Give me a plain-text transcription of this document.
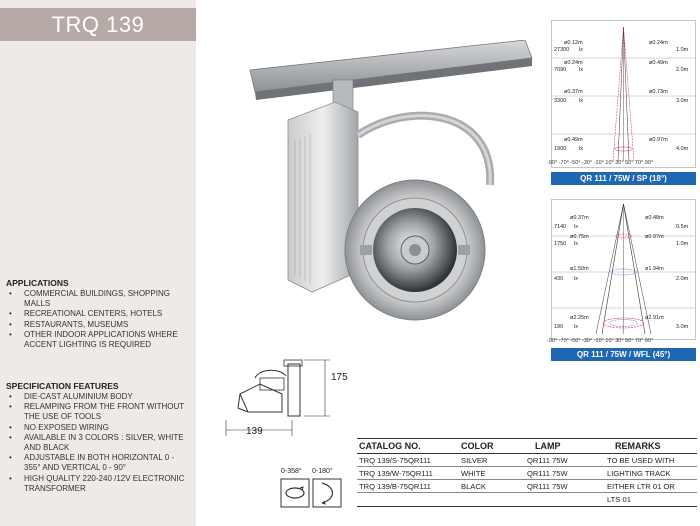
TRQ 139
APPLICATIONS
• COMMERCIAL BUILDINGS, SHOPPING MALLS
• RECREATIONAL CENTERS, HOTELS
• RESTAURANTS, MUSEUMS
• OTHER INDOOR APPLICATIONS WHERE ACCENT LIGHTING IS REQUIRED
SPECIFICATION FEATURES
• DIE-CAST ALUMINIUM BODY
• RELAMPING FROM THE FRONT WITHOUT THE USE OF TOOLS
• NO EXPOSED WIRING
• AVAILABLE IN 3 COLORS : SILVER, WHITE AND BLACK
• ADJUSTABLE IN BOTH HORIZONTAL 0 - 355° AND VERTICAL 0 - 90°
• HIGH QUALITY 220-240 /12V ELECTRONIC TRANSFORMER
ø0.12m	ø0.24m
27300 lx	1.0m
ø0.24m	ø0.49m
7090 lx	2.0m
ø0.37m	ø0.73m
3300 lx	3.0m
ø0.49m	ø0.97m
1900 lx	4.0m
-90° -70° -50° -30° -10° 10° 30° 50° 70° 90°
QR 111 / 75W / SP (18°)
ø0.37m	ø0.48m
7140 lx	0.5m
ø0.75m	ø0.97m
1750 lx	1.0m
ø1.50m	ø1.94m
430 lx	2.0m
ø2.25m	ø2.91m
190 lx	3.0m
-90° -70° -50° -30° -10° 10° 30° 50° 70° 90°
QR 111 / 75W / WFL (45°)
175
139
0-358° 0-180°
CATALOG NO.	COLOR	LAMP	REMARKS
TRQ 139/S-75QR111	SILVER	QR111 75W	TO BE USED WITH
TRQ 139/W-75QR111	WHITE	QR111 75W	LIGHTING TRACK
TRQ 139/B-75QR111	BLACK	QR111 75W	EITHER LTR 01 OR
LTS 01
